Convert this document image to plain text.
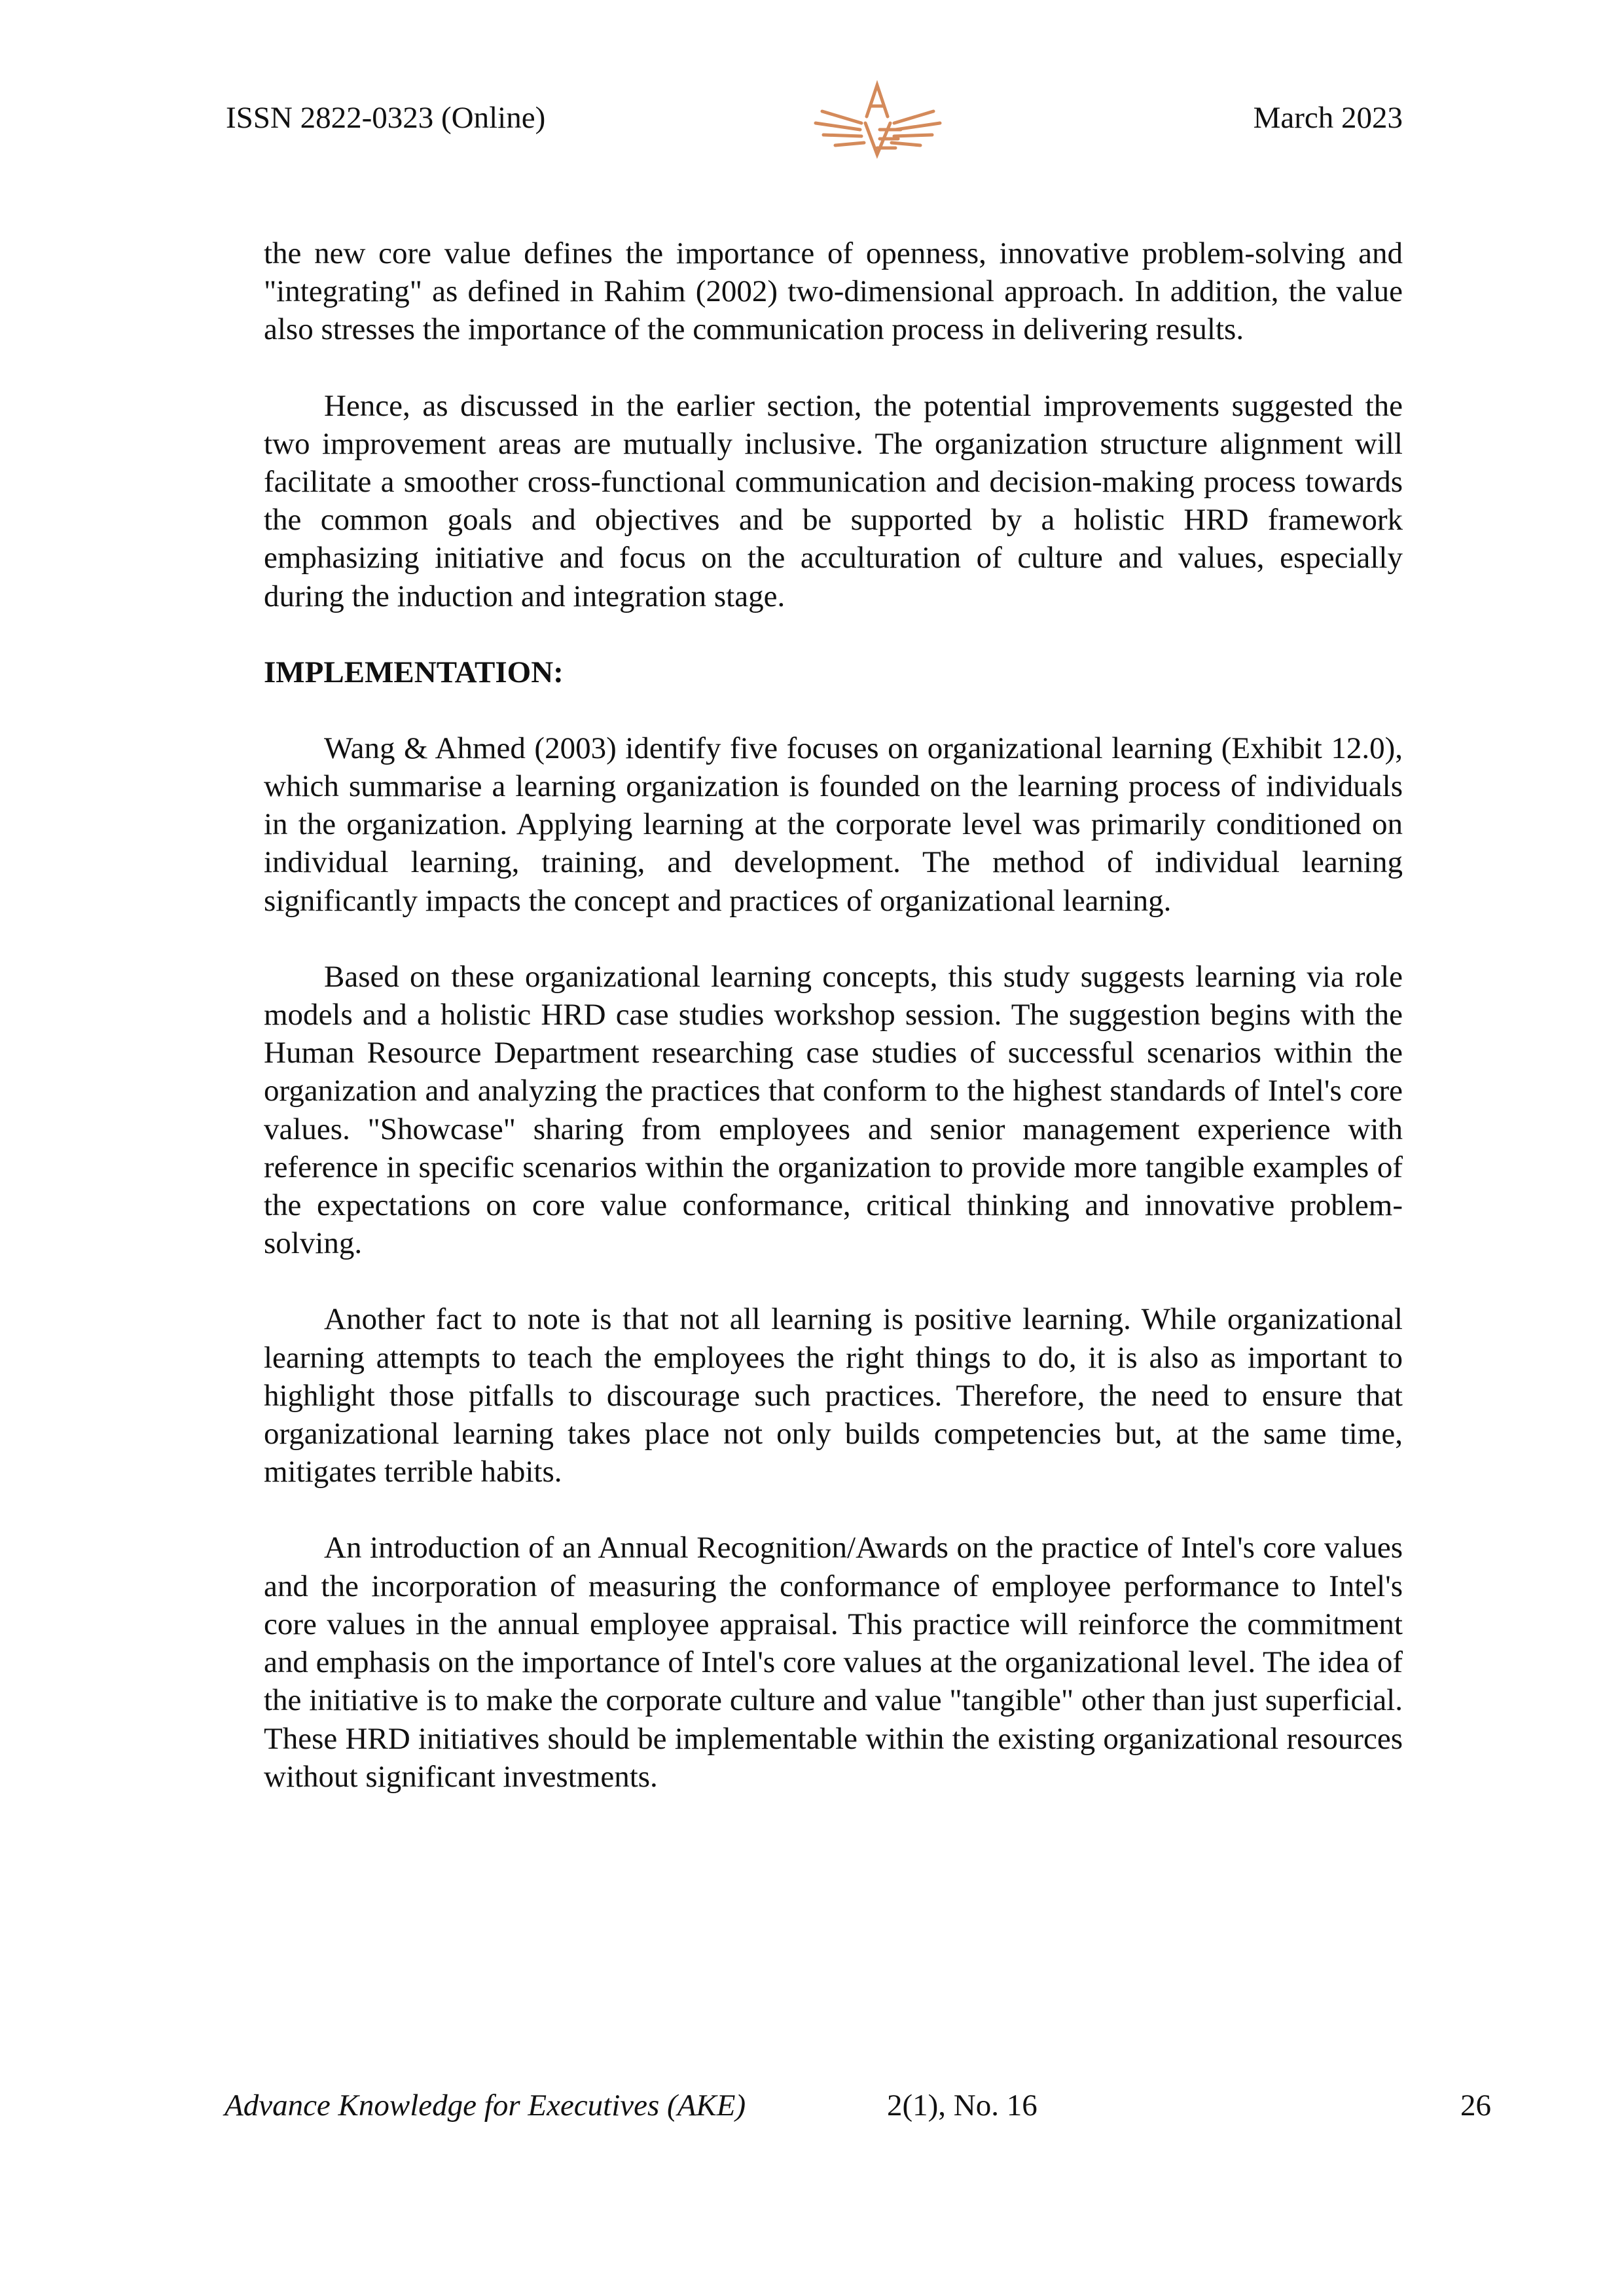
ISSN 2822-0323 (Online)	March 2023

the new core value defines the importance of openness, innovative problem-solving and "integrating" as defined in Rahim (2002) two-dimensional approach. In addition, the value also stresses the importance of the communication process in delivering results.

Hence, as discussed in the earlier section, the potential improvements suggested the two improvement areas are mutually inclusive. The organization structure alignment will facilitate a smoother cross-functional communication and decision-making process towards the common goals and objectives and be supported by a holistic HRD framework emphasizing initiative and focus on the acculturation of culture and values, especially during the induction and integration stage.

IMPLEMENTATION:

Wang & Ahmed (2003) identify five focuses on organizational learning (Exhibit 12.0), which summarise a learning organization is founded on the learning process of individuals in the organization. Applying learning at the corporate level was primarily conditioned on individual learning, training, and development. The method of individual learning significantly impacts the concept and practices of organizational learning.

Based on these organizational learning concepts, this study suggests learning via role models and a holistic HRD case studies workshop session. The suggestion begins with the Human Resource Department researching case studies of successful scenarios within the organization and analyzing the practices that conform to the highest standards of Intel's core values. "Showcase" sharing from employees and senior management experience with reference in specific scenarios within the organization to provide more tangible examples of the expectations on core value conformance, critical thinking and innovative problem-solving.

Another fact to note is that not all learning is positive learning. While organizational learning attempts to teach the employees the right things to do, it is also as important to highlight those pitfalls to discourage such practices. Therefore, the need to ensure that organizational learning takes place not only builds competencies but, at the same time, mitigates terrible habits.

An introduction of an Annual Recognition/Awards on the practice of Intel's core values and the incorporation of measuring the conformance of employee performance to Intel's core values in the annual employee appraisal. This practice will reinforce the commitment and emphasis on the importance of Intel's core values at the organizational level. The idea of the initiative is to make the corporate culture and value "tangible" other than just superficial. These HRD initiatives should be implementable within the existing organizational resources without significant investments.

Advance Knowledge for Executives (AKE)	2(1), No. 16	26
